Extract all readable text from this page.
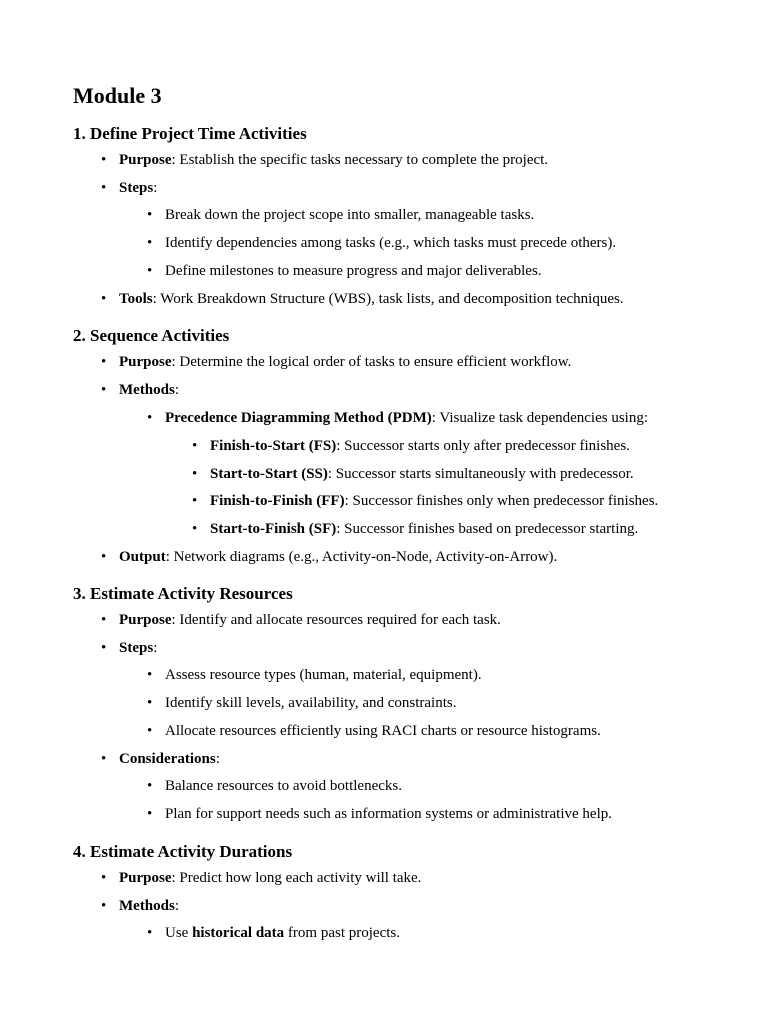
Module 3
1. Define Project Time Activities
• Purpose: Establish the specific tasks necessary to complete the project.
• Steps:
• Break down the project scope into smaller, manageable tasks.
• Identify dependencies among tasks (e.g., which tasks must precede others).
• Define milestones to measure progress and major deliverables.
• Tools: Work Breakdown Structure (WBS), task lists, and decomposition techniques.
2. Sequence Activities
• Purpose: Determine the logical order of tasks to ensure efficient workflow.
• Methods:
• Precedence Diagramming Method (PDM): Visualize task dependencies using:
• Finish-to-Start (FS): Successor starts only after predecessor finishes.
• Start-to-Start (SS): Successor starts simultaneously with predecessor.
• Finish-to-Finish (FF): Successor finishes only when predecessor finishes.
• Start-to-Finish (SF): Successor finishes based on predecessor starting.
• Output: Network diagrams (e.g., Activity-on-Node, Activity-on-Arrow).
3. Estimate Activity Resources
• Purpose: Identify and allocate resources required for each task.
• Steps:
• Assess resource types (human, material, equipment).
• Identify skill levels, availability, and constraints.
• Allocate resources efficiently using RACI charts or resource histograms.
• Considerations:
• Balance resources to avoid bottlenecks.
• Plan for support needs such as information systems or administrative help.
4. Estimate Activity Durations
• Purpose: Predict how long each activity will take.
• Methods:
• Use historical data from past projects.
